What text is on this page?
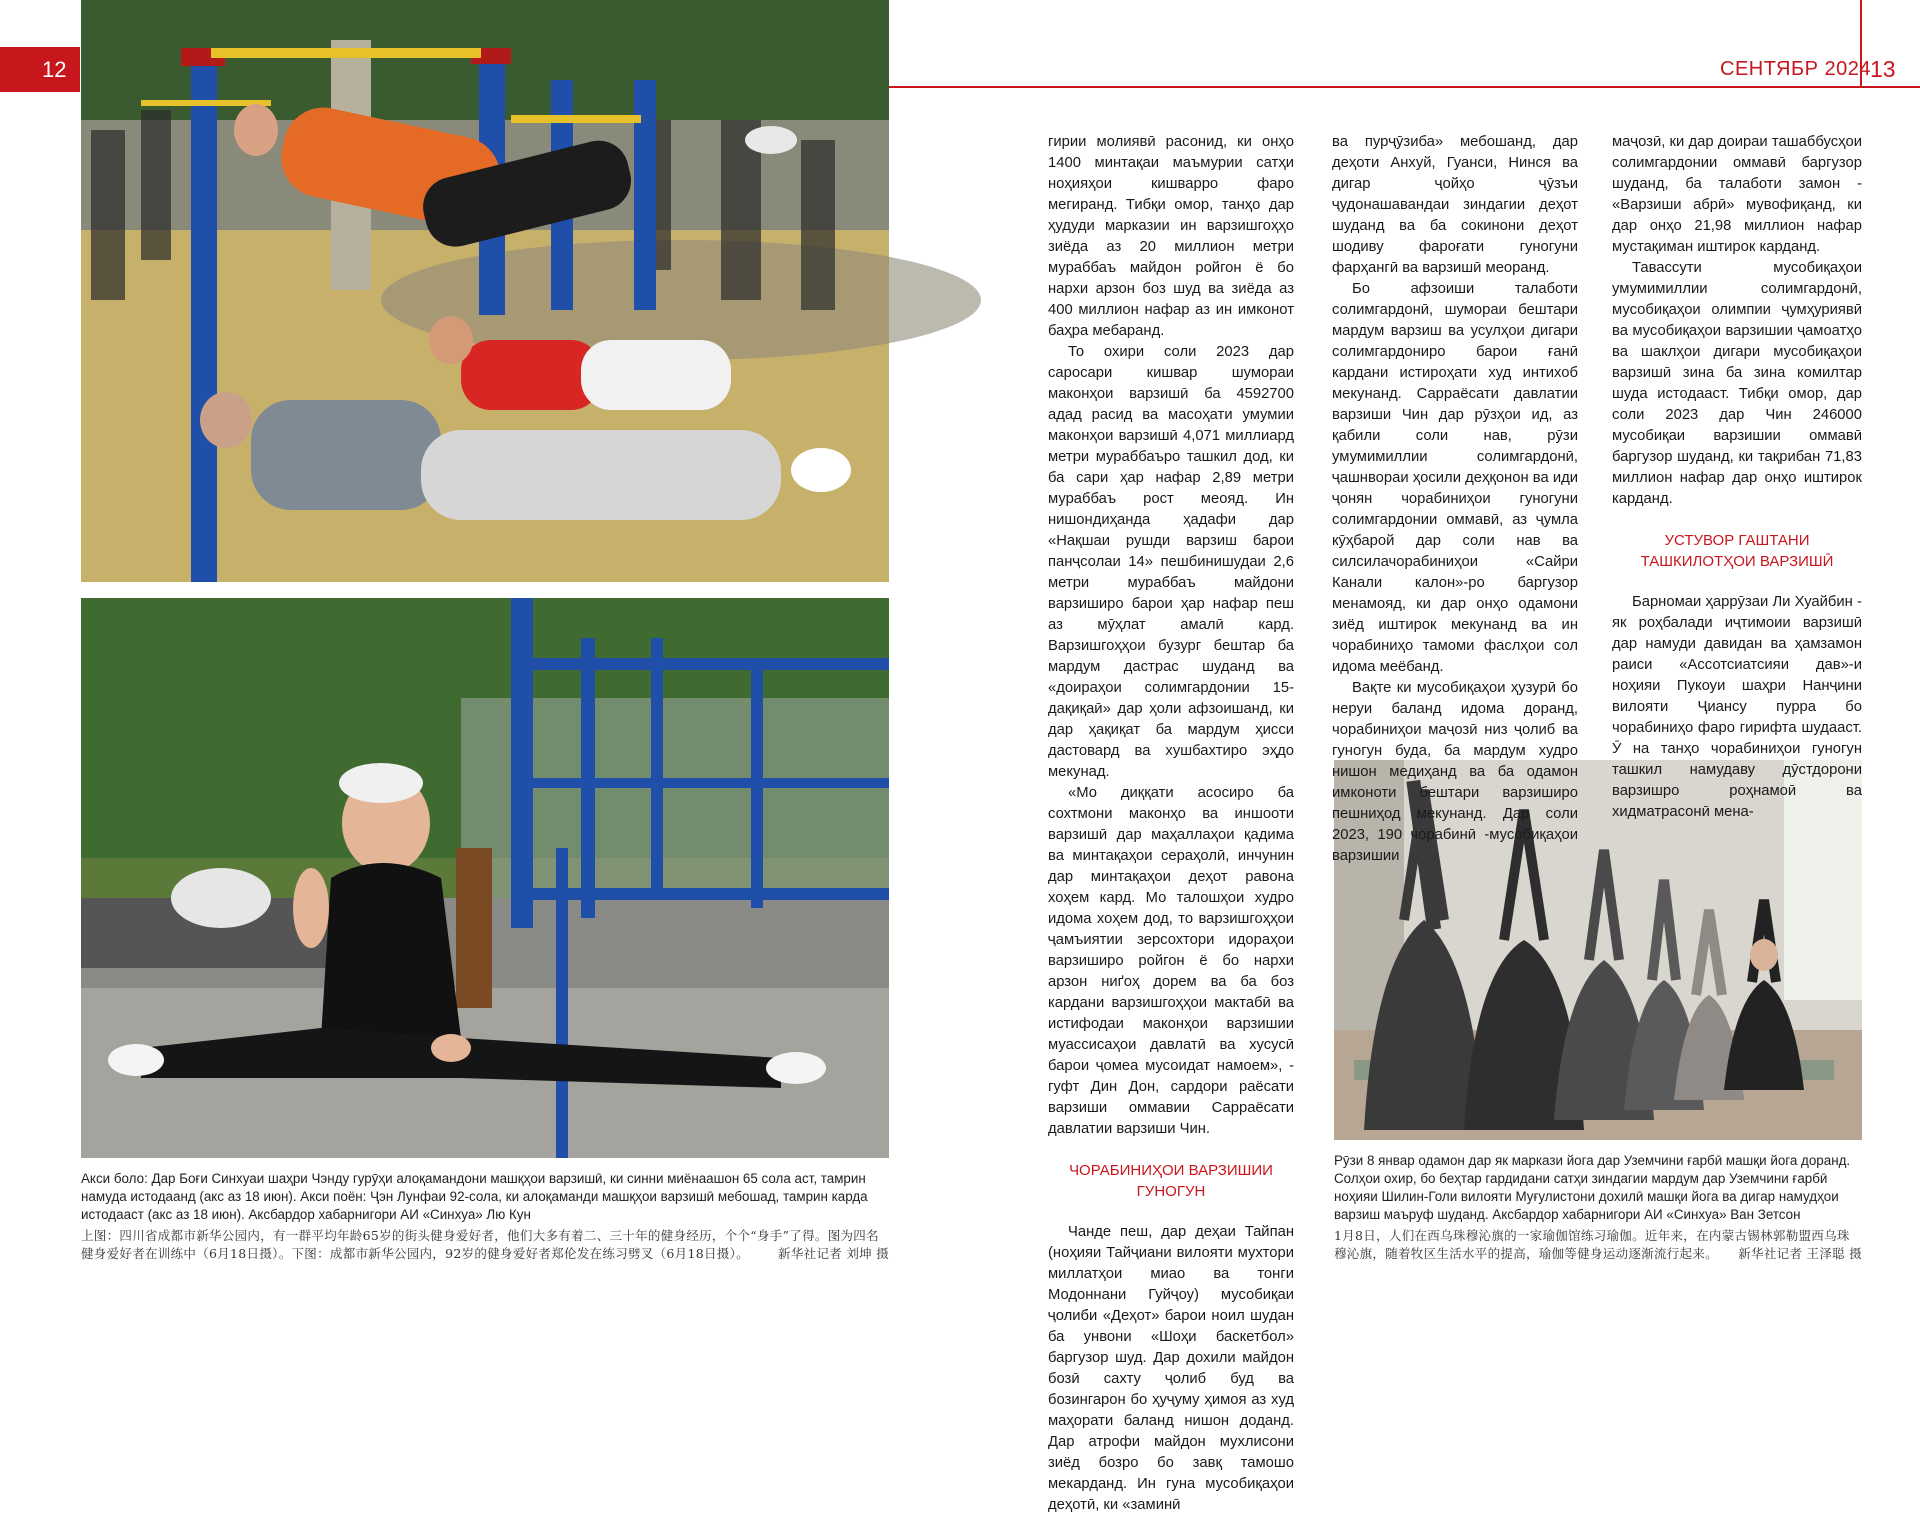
12	СЕНТЯБР 2024 13
Акси боло: Дар Боғи Синхуаи шаҳри Чэнду гурӯҳи алоқамандони машқҳои варзишӣ, ки синни миёнаашон 65 сола аст, тамрин намуда истодаанд (акс аз 18 июн). Акси поён: Ҷэн Лунфаи 92-сола, ки алоқаманди машқҳои варзишӣ мебошад, тамрин карда истодааст (акс аз 18 июн). Аксбардор хабарнигори АИ «Синхуа» Лю Кун
上图：四川省成都市新华公园内，有一群平均年龄65岁的街头健身爱好者，他们大多有着二、三十年的健身经历，个个“身手”了得。图为四名健身爱好者在训练中（6月18日摄）。下图：成都市新华公园内，92岁的健身爱好者郑伦发在练习劈叉（6月18日摄）。 新华社记者 刘坤 摄
Рӯзи 8 январ одамон дар як маркази йога дар Уземчини ғарбӣ машқи йога доранд. Солҳои охир, бо беҳтар гардидани сатҳи зиндагии мардум дар Уземчини ғарбӣ ноҳияи Шилин-Голи вилояти Муғулистони дохилӣ машқи йога ва дигар намудҳои варзиш маъруф шуданд. Аксбардор хабарнигори АИ «Синхуа» Ван Зетсон
1月8日，人们在西乌珠穆沁旗的一家瑜伽馆练习瑜伽。近年来，在内蒙古锡林郭勒盟西乌珠穆沁旗，随着牧区生活水平的提高，瑜伽等健身运动逐渐流行起来。 新华社记者 王泽聪 摄

гирии молиявӣ расонид, ки онҳо 1400 минтақаи маъмурии сатҳи ноҳияҳои кишварро фаро мегиранд. Тибқи омор, танҳо дар ҳудуди марказии ин варзишгоҳҳо зиёда аз 20 миллион метри мураббаъ майдон ройгон ё бо нархи арзон боз шуд ва зиёда аз 400 миллион нафар аз ин имконот баҳра мебаранд.

То охири соли 2023 дар саросари кишвар шумораи маконҳои варзишӣ ба 4592700 адад расид ва масоҳати умумии маконҳои варзишӣ 4,071 миллиард метри мураббаъро ташкил дод, ки ба сари ҳар нафар 2,89 метри мураббаъ рост меояд. Ин нишондиҳанда ҳадафи дар «Нақшаи рушди варзиш барои панҷсолаи 14» пешбинишудаи 2,6 метри мураббаъ майдони варзиширо барои ҳар нафар пеш аз мӯҳлат амалӣ кард. Варзишгоҳҳои бузург бештар ба мардум дастрас шуданд ва «доираҳои солимгардонии 15-дақиқаӣ» дар ҳоли афзоишанд, ки дар ҳақиқат ба мардум ҳисси дастовард ва хушбахтиро эҳдо мекунад.

«Мо диққати асосиро ба сохтмони маконҳо ва иншооти варзишӣ дар маҳаллаҳои қадима ва минтақаҳои сераҳолӣ, инчунин дар минтақаҳои деҳот равона хоҳем кард. Мо талошҳои худро идома хоҳем дод, то варзишгоҳҳои ҷамъиятии зерсохтори идораҳои варзиширо ройгон ё бо нархи арзон ниґоҳ дорем ва ба боз кардани варзишгоҳҳои мактабӣ ва истифодаи маконҳои варзишии муассисаҳои давлатӣ ва хусусӣ барои ҷомеа мусоидат намоем», - гуфт Дин Дон, сардори раёсати варзиши оммавии Сарраёсати давлатии варзиши Чин.

ЧОРАБИНИҲОИ ВАРЗИШИИ ГУНОГУН

Чанде пеш, дар деҳаи Тайпан (ноҳияи Тайҷиани вилояти мухтори миллатҳои миао ва тонги Модоннани Гуйҷоу) мусобиқаи ҷолиби «Деҳот» барои ноил шудан ба унвони «Шоҳи баскетбол» баргузор шуд. Дар дохили майдон бозӣ сахту ҷолиб буд ва бозингарон бо ҳуҷуму ҳимоя аз худ маҳорати баланд нишон доданд. Дар атрофи майдон мухлисони зиёд бозро бо завқ тамошо мекарданд. Ин гуна мусобиқаҳои деҳотӣ, ки «заминӣ

ва пурҷӯзиба» мебошанд, дар деҳоти Анхуй, Гуанси, Нинся ва дигар ҷойҳо ҷӯзъи ҷудонашавандаи зиндагии деҳот шуданд ва ба сокинони деҳот шодиву фароғати гуногуни фарҳангӣ ва варзишӣ меоранд.

Бо афзоиши талаботи солимгардонӣ, шумораи бештари мардум варзиш ва усулҳои дигари солимгардониро барои ғанӣ кардани истироҳати худ интихоб мекунанд. Сарраёсати давлатии варзиши Чин дар рӯзҳои ид, аз қабили соли нав, рӯзи умумимиллии солимгардонӣ, ҷашнвораи ҳосили деҳқонон ва иди ҷонян чорабиниҳои гуногуни солимгардонии оммавӣ, аз ҷумла кӯҳбарой дар соли нав ва силсилачорабиниҳои «Сайри Канали калон»-ро баргузор менамояд, ки дар онҳо одамони зиёд иштирок мекунанд ва ин чорабиниҳо тамоми фаслҳои сол идома меёбанд.

Вақте ки мусобиқаҳои ҳузурӣ бо неруи баланд идома доранд, чорабиниҳои маҷозӣ низ ҷолиб ва гуногун буда, ба мардум худро нишон медиҳанд ва ба одамон имконоти бештари варзиширо пешниҳод мекунанд. Дар соли 2023, 190 чорабинӣ -мусобиқаҳои варзишии

маҷозӣ, ки дар доираи ташаббусҳои солимгардонии оммавӣ баргузор шуданд, ба талаботи замон - «Варзиши абрӣ» мувофиқанд, ки дар онҳо 21,98 миллион нафар мустақиман иштирок карданд.

Тавассути мусобиқаҳои умумимиллии солимгардонӣ, мусобиқаҳои олимпии ҷумҳуриявӣ ва мусобиқаҳои варзишии ҷамоатҳо ва шаклҳои дигари мусобиқаҳои варзишӣ зина ба зина комилтар шуда истодааст. Тибқи омор, дар соли 2023 дар Чин 246000 мусобиқаи варзишии оммавӣ баргузор шуданд, ки тақрибан 71,83 миллион нафар дар онҳо иштирок карданд.

УСТУВОР ГАШТАНИ ТАШКИЛОТҲОИ ВАРЗИШӢ

Барномаи ҳаррӯзаи Ли Хуайбин - як роҳбалади иҷтимоии варзишӣ дар намуди давидан ва ҳамзамон раиси «Ассотсиатсияи дав»-и ноҳияи Пукоуи шаҳри Нанҷини вилояти Ҷиансу пурра бо чорабиниҳо фаро гирифта шудааст. Ӯ на танҳо чорабиниҳои гуногун ташкил намудаву дӯстдорони варзишро роҳнамоӣ ва хидматрасонӣ мена-
